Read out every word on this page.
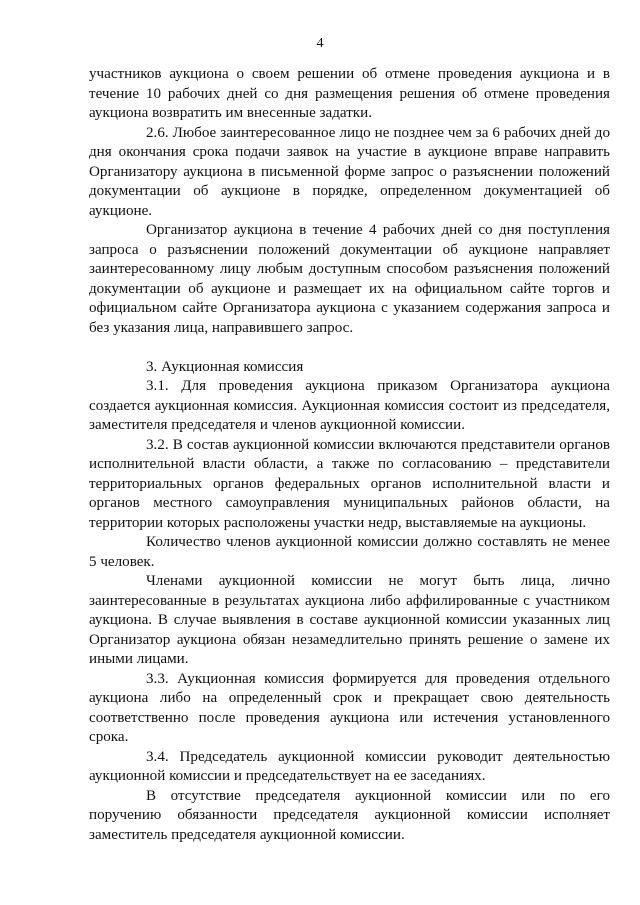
4

участников аукциона о своем решении об отмене проведения аукциона и в течение 10 рабочих дней со дня размещения решения об отмене проведения аукциона возвратить им внесенные задатки.

2.6. Любое заинтересованное лицо не позднее чем за 6 рабочих дней до дня окончания срока подачи заявок на участие в аукционе вправе направить Организатору аукциона в письменной форме запрос о разъяснении положений документации об аукционе в порядке, определенном документацией об аукционе.

Организатор аукциона в течение 4 рабочих дней со дня поступления запроса о разъяснении положений документации об аукционе направляет заинтересованному лицу любым доступным способом разъяснения положений документации об аукционе и размещает их на официальном сайте торгов и официальном сайте Организатора аукциона с указанием содержания запроса и без указания лица, направившего запрос.

3. Аукционная комиссия

3.1. Для проведения аукциона приказом Организатора аукциона создается аукционная комиссия. Аукционная комиссия состоит из председателя, заместителя председателя и членов аукционной комиссии.

3.2. В состав аукционной комиссии включаются представители органов исполнительной власти области, а также по согласованию – представители территориальных органов федеральных органов исполнительной власти и органов местного самоуправления муниципальных районов области, на территории которых расположены участки недр, выставляемые на аукционы.

Количество членов аукционной комиссии должно составлять не менее 5 человек.

Членами аукционной комиссии не могут быть лица, лично заинтересованные в результатах аукциона либо аффилированные с участником аукциона. В случае выявления в составе аукционной комиссии указанных лиц Организатор аукциона обязан незамедлительно принять решение о замене их иными лицами.

3.3. Аукционная комиссия формируется для проведения отдельного аукциона либо на определенный срок и прекращает свою деятельность соответственно после проведения аукциона или истечения установленного срока.

3.4. Председатель аукционной комиссии руководит деятельностью аукционной комиссии и председательствует на ее заседаниях.

В отсутствие председателя аукционной комиссии или по его поручению обязанности председателя аукционной комиссии исполняет заместитель председателя аукционной комиссии.
